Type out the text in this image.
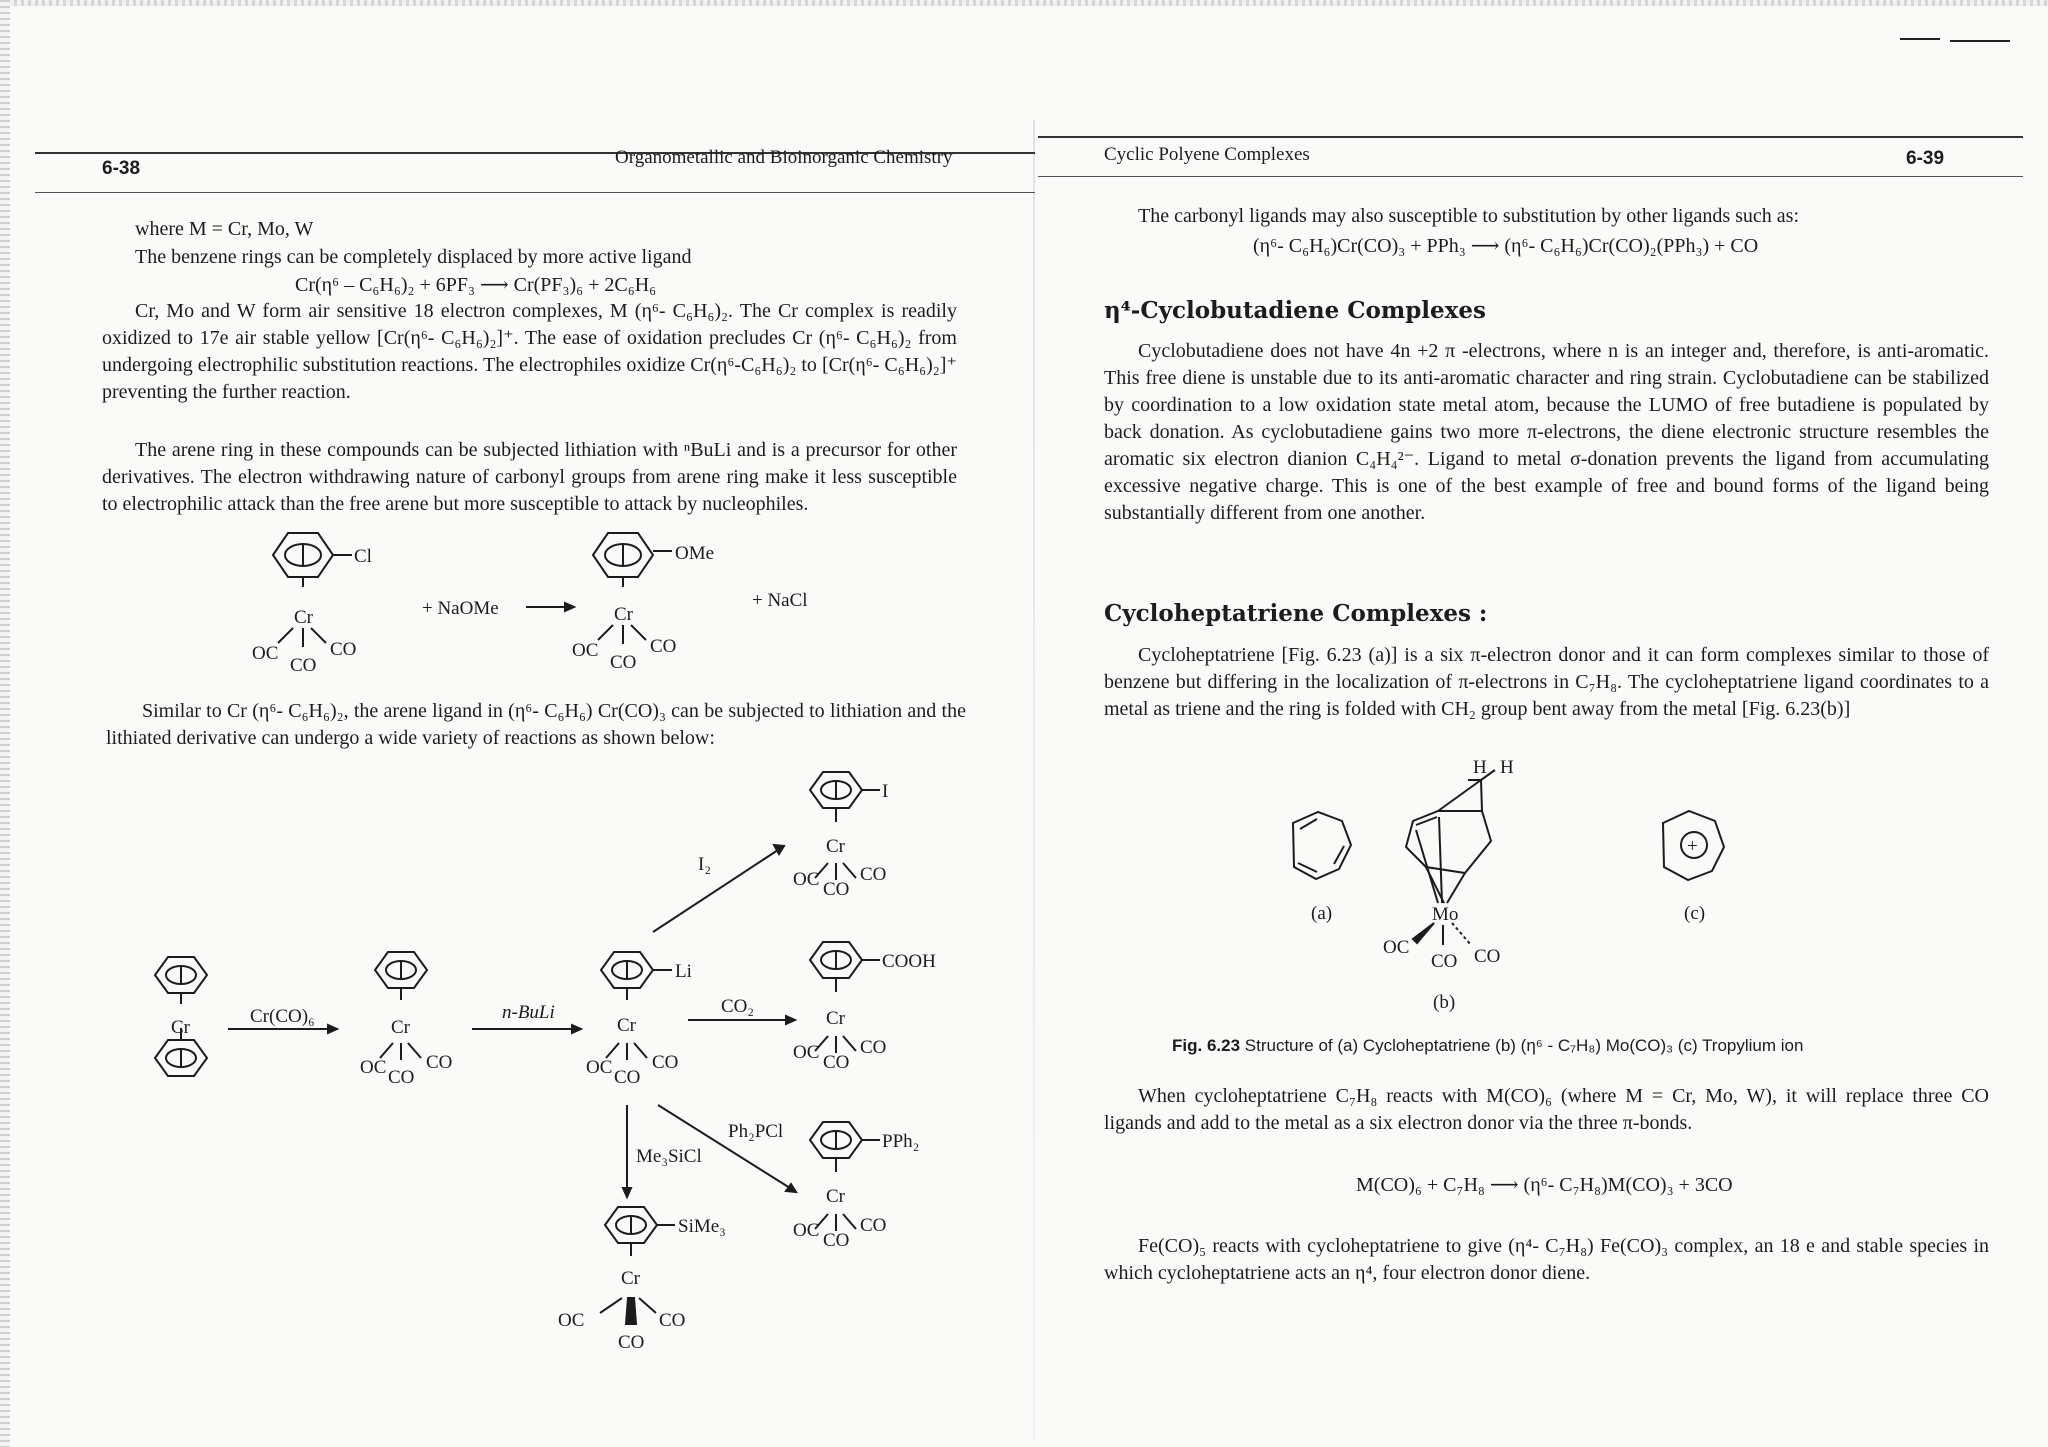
6-38
Organometallic and Bioinorganic Chemistry
where M = Cr, Mo, W
The benzene rings can be completely displaced by more active ligand
Cr(η⁶ – C₆H₆)₂ + 6PF₃ ⟶ Cr(PF₃)₆ + 2C₆H₆
Cr, Mo and W form air sensitive 18 electron complexes, M (η⁶- C₆H₆)₂. The Cr complex is readily oxidized to 17e air stable yellow [Cr(η⁶- C₆H₆)₂]⁺. The ease of oxidation precludes Cr (η⁶- C₆H₆)₂ from undergoing electrophilic substitution reactions. The electrophiles oxidize Cr(η⁶-C₆H₆)₂ to [Cr(η⁶- C₆H₆)₂]⁺ preventing the further reaction.
The arene ring in these compounds can be subjected lithiation with ⁿBuLi and is a precursor for other derivatives. The electron withdrawing nature of carbonyl groups from arene ring make it less susceptible to electrophilic attack than the free arene but more susceptible to attack by nucleophiles.
Cl
Cr
OC	CO
CO
+ NaOMe
OMe
Cr
OC	CO
CO
+ NaCl
Similar to Cr (η⁶- C₆H₆)₂, the arene ligand in (η⁶- C₆H₆) Cr(CO)₃ can be subjected to lithiation and the lithiated derivative can undergo a wide variety of reactions as shown below:
Cr
Cr(CO)₆
Cr
OC CO
CO
n-BuLi
Cr
Li
OC CO
CO
I₂
I
Cr
OC CO
CO
CO₂
COOH
Cr
OC CO
CO
Me₃SiCl
Ph₂PCl	PPh₂
Cr
OC CO
CO
SiMe₃
Cr
OC	CO
CO
Cyclic Polyene Complexes	6-39
The carbonyl ligands may also susceptible to substitution by other ligands such as:
(η⁶- C₆H₆)Cr(CO)₃ + PPh₃ ⟶ (η⁶- C₆H₆)Cr(CO)₂(PPh₃) + CO
η⁴-Cyclobutadiene Complexes
Cyclobutadiene does not have 4n +2 π -electrons, where n is an integer and, therefore, is anti-aromatic. This free diene is unstable due to its anti-aromatic character and ring strain. Cyclobutadiene can be stabilized by coordination to a low oxidation state metal atom, because the LUMO of free butadiene is populated by back donation. As cyclobutadiene gains two more π-electrons, the diene electronic structure resembles the aromatic six electron dianion C₄H₄²⁻. Ligand to metal σ-donation prevents the ligand from accumulating excessive negative charge. This is one of the best example of free and bound forms of the ligand being substantially different from one another.
Cycloheptatriene Complexes :
Cycloheptatriene [Fig. 6.23 (a)] is a six π-electron donor and it can form complexes similar to those of benzene but differing in the localization of π-electrons in C₇H₈. The cycloheptatriene ligand coordinates to a metal as triene and the ring is folded with CH₂ group bent away from the metal [Fig. 6.23(b)]
H H
Mo
OC
CO CO
+
(a)
(b)
(c)
Fig. 6.23 Structure of (a) Cycloheptatriene (b) (η⁶ - C₇H₈) Mo(CO)₃ (c) Tropylium ion
When cycloheptatriene C₇H₈ reacts with M(CO)₆ (where M = Cr, Mo, W), it will replace three CO ligands and add to the metal as a six electron donor via the three π-bonds.
M(CO)₆ + C₇H₈ ⟶ (η⁶- C₇H₈)M(CO)₃ + 3CO
Fe(CO)₅ reacts with cycloheptatriene to give (η⁴- C₇H₈) Fe(CO)₃ complex, an 18 e and stable species in which cycloheptatriene acts an η⁴, four electron donor diene.
